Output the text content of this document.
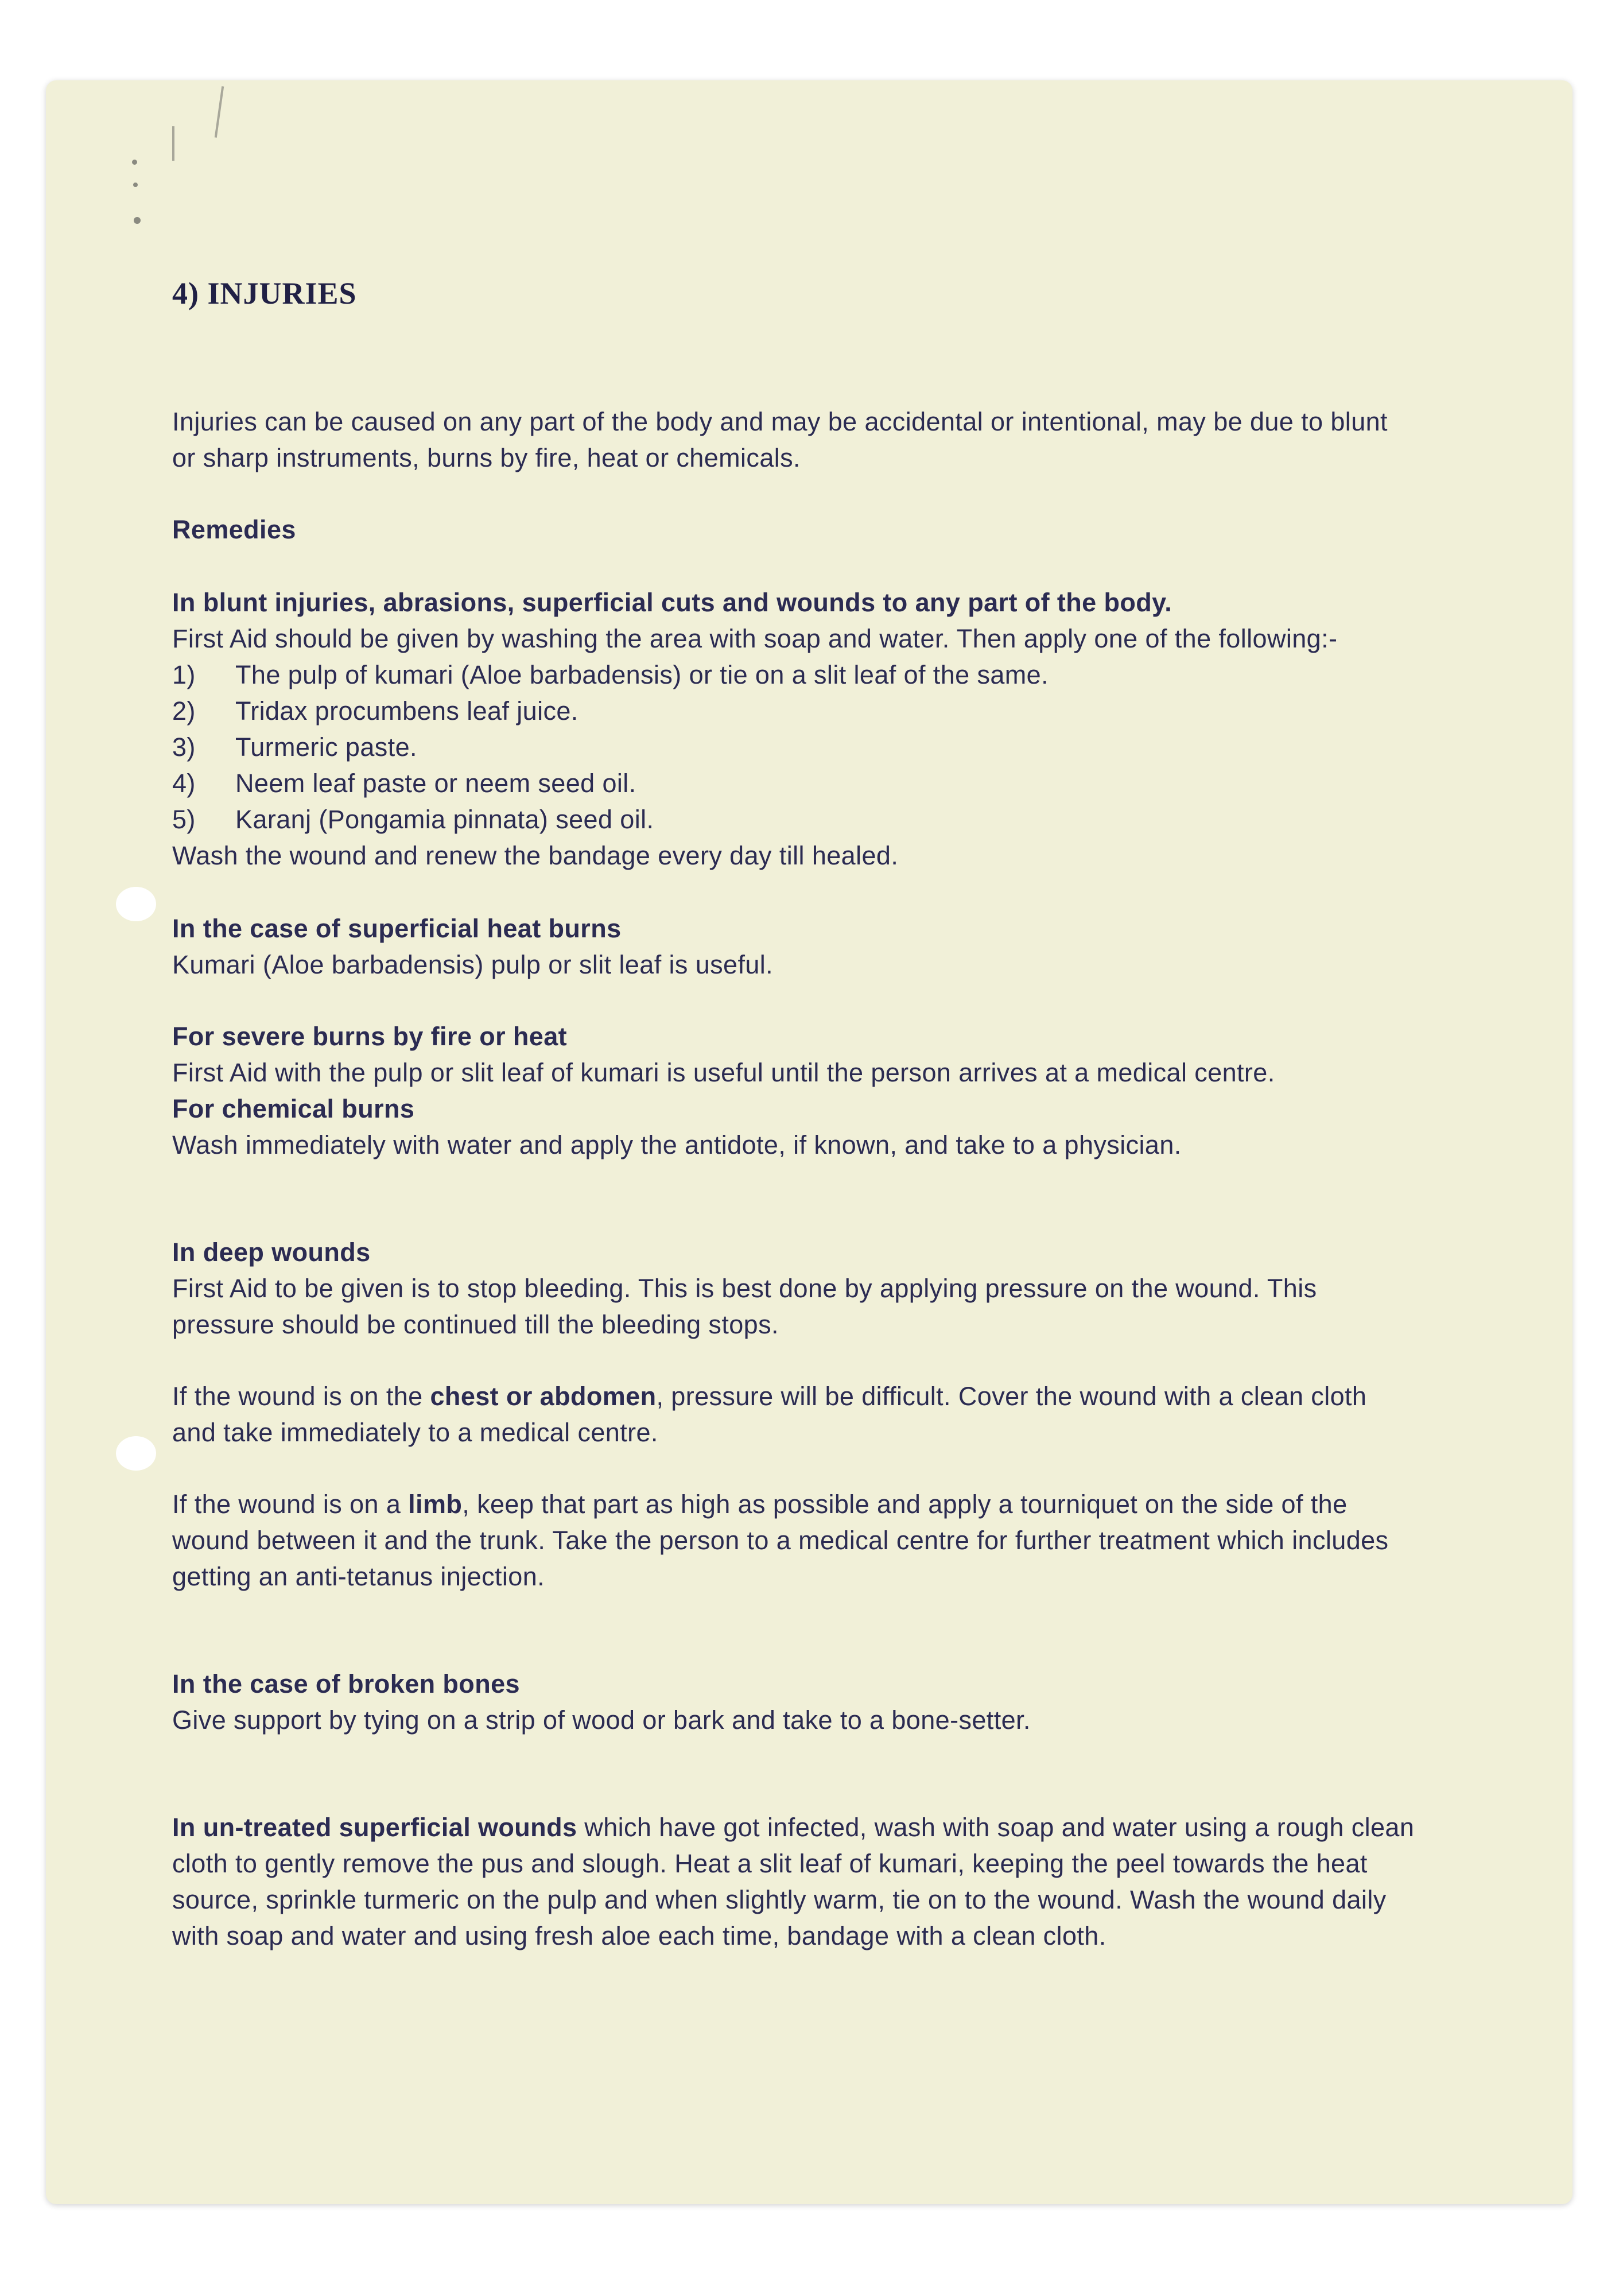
4) INJURIES

Injuries can be caused on any part of the body and may be accidental or intentional, may be due to blunt or sharp instruments, burns by fire, heat or chemicals.

Remedies

In blunt injuries, abrasions, superficial cuts and wounds to any part of the body.

First Aid should be given by washing the area with soap and water. Then apply one of the following:-

1)	The pulp of kumari (Aloe barbadensis) or tie on a slit leaf of the same.
2)	Tridax procumbens leaf juice.
3)	Turmeric paste.
4)	Neem leaf paste or neem seed oil.
5)	Karanj (Pongamia pinnata) seed oil.

Wash the wound and renew the bandage every day till healed.

In the case of superficial heat burns

Kumari (Aloe barbadensis) pulp or slit leaf is useful.

For severe burns by fire or heat

First Aid with the pulp or slit leaf of kumari is useful until the person arrives at a medical centre.

For chemical burns

Wash immediately with water and apply the antidote, if known, and take to a physician.

In deep wounds

First Aid to be given is to stop bleeding. This is best done by applying pressure on the wound. This pressure should be continued till the bleeding stops.

If the wound is on the chest or abdomen, pressure will be difficult. Cover the wound with a clean cloth and take immediately to a medical centre.

If the wound is on a limb, keep that part as high as possible and apply a tourniquet on the side of the wound between it and the trunk. Take the person to a medical centre for further treatment which includes getting an anti-tetanus injection.

In the case of broken bones

Give support by tying on a strip of wood or bark and take to a bone-setter.

In un-treated superficial wounds which have got infected, wash with soap and water using a rough clean cloth to gently remove the pus and slough. Heat a slit leaf of kumari, keeping the peel towards the heat source, sprinkle turmeric on the pulp and when slightly warm, tie on to the wound. Wash the wound daily with soap and water and using fresh aloe each time, bandage with a clean cloth.
